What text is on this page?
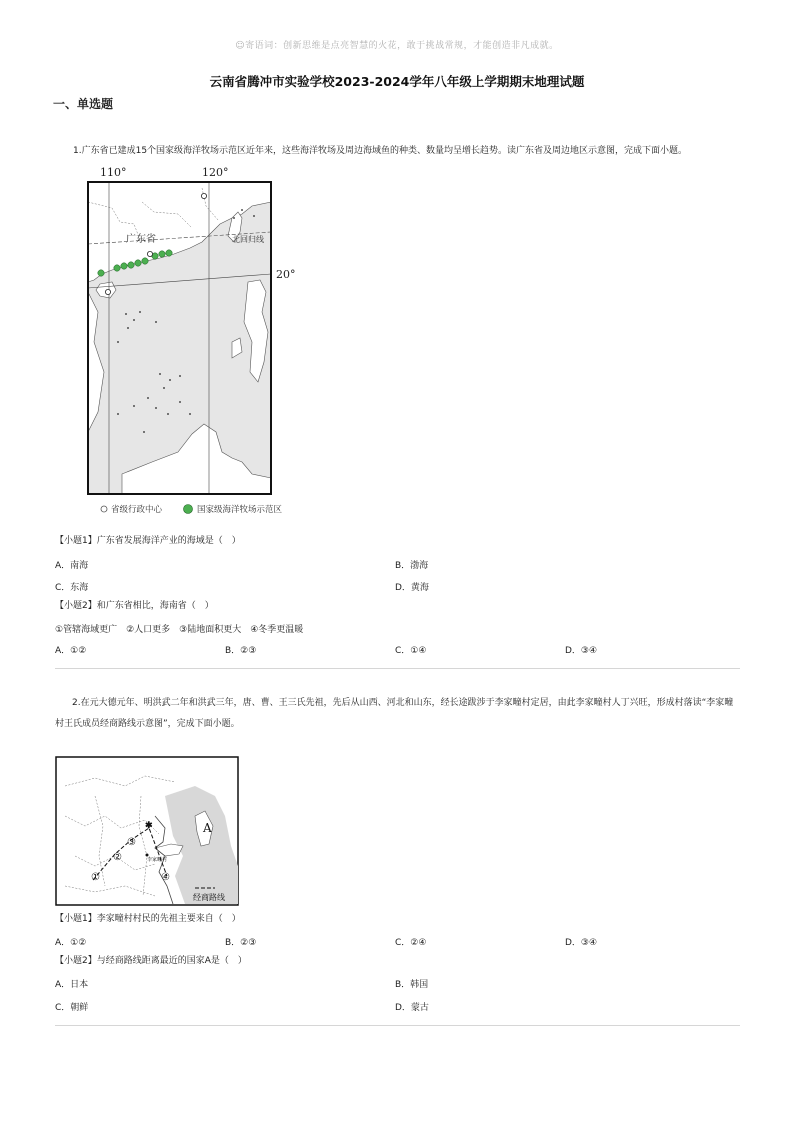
☺寄语词：创新思维是点亮智慧的火花，敢于挑战常规，才能创造非凡成就。
云南省腾冲市实验学校2023-2024学年八年级上学期期末地理试题
一、单选题
1.广东省已建成15个国家级海洋牧场示范区近年来，这些海洋牧场及周边海域鱼的种类、数量均呈增长趋势。读广东省及周边地区示意图，完成下面小题。
110°	120°
20°
广东省	北回归线
省级行政中心	国家级海洋牧场示范区
【小题1】广东省发展海洋产业的海域是（　）
A．南海	B．渤海
C．东海	D．黄海
【小题2】和广东省相比，海南省（　）
①管辖海域更广　②人口更多　③陆地面积更大　④冬季更温暖
A．①②	B．②③	C．①④	D．③④
2.在元大德元年、明洪武二年和洪武三年，唐、曹、王三氏先祖，先后从山西、河北和山东，经长途跋涉于李家疃村定居，由此李家疃村人丁兴旺，形成村落读“李家疃
村王氏成员经商路线示意图”，完成下面小题。
✱	A
③
②
①	④
李家疃村
经商路线
【小题1】李家疃村村民的先祖主要来自（　）
A．①②	B．②③	C．②④	D．③④
【小题2】与经商路线距离最近的国家A是（　）
A．日本	B．韩国
C．朝鲜	D．蒙古
